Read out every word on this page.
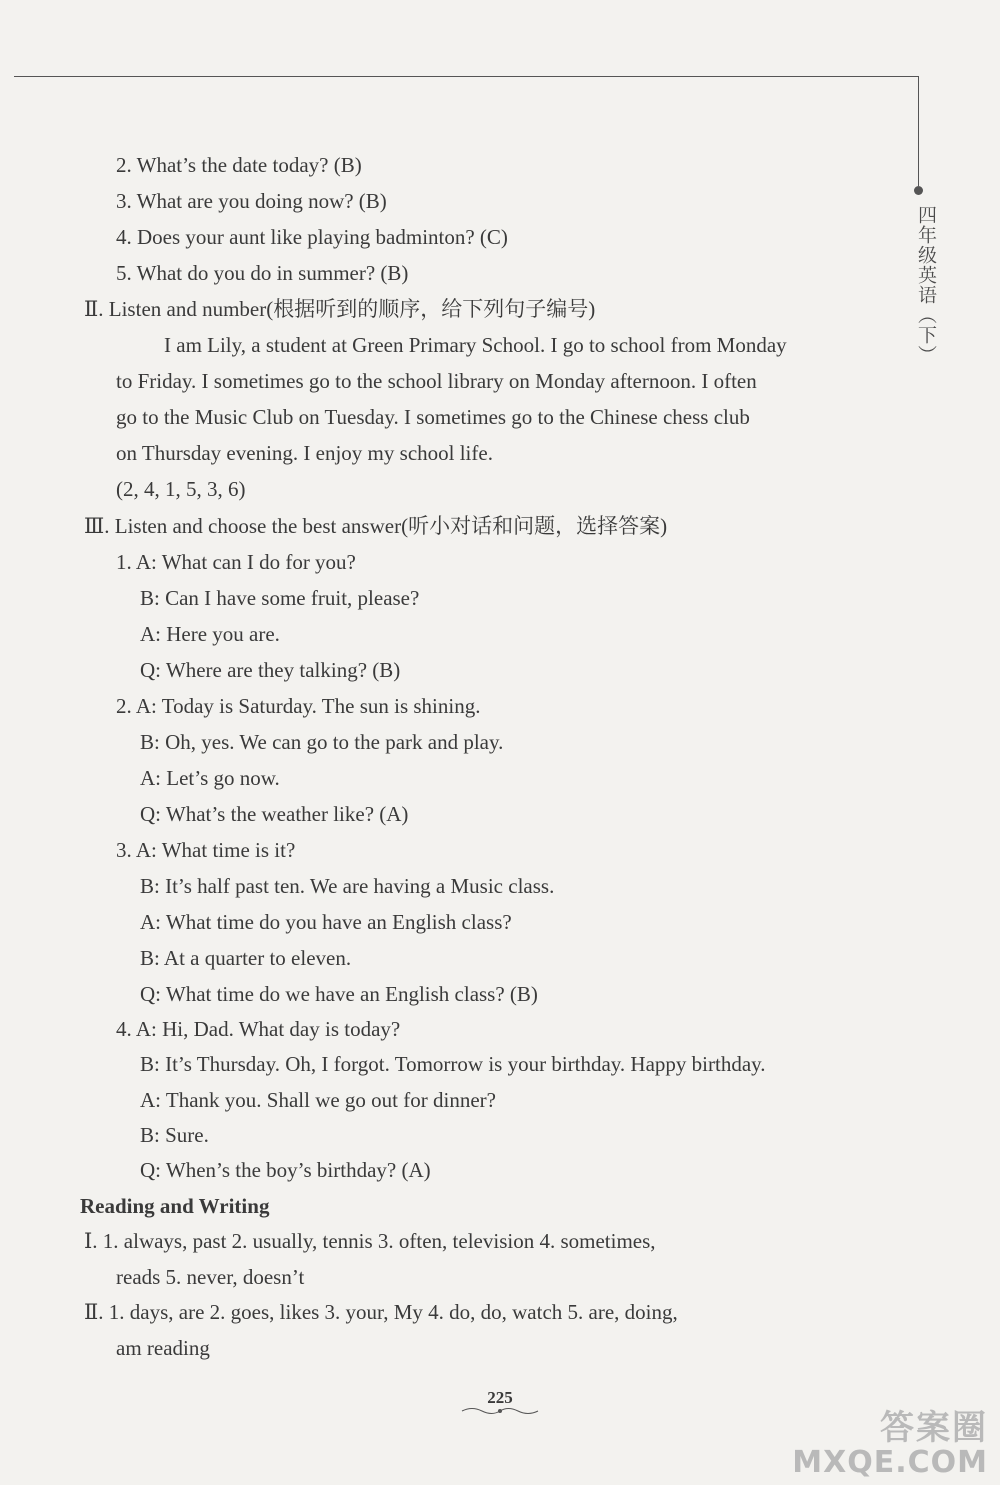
四年级英语（下）
2. What’s the date today? (B)
3. What are you doing now? (B)
4. Does your aunt like playing badminton? (C)
5. What do you do in summer? (B)
Ⅱ. Listen and number(根据听到的顺序，给下列句子编号)
I am Lily, a student at Green Primary School. I go to school from Monday
to Friday. I sometimes go to the school library on Monday afternoon. I often
go to the Music Club on Tuesday. I sometimes go to the Chinese chess club
on Thursday evening. I enjoy my school life.
(2, 4, 1, 5, 3, 6)
Ⅲ. Listen and choose the best answer(听小对话和问题，选择答案)
1. A: What can I do for you?
B: Can I have some fruit, please?
A: Here you are.
Q: Where are they talking? (B)
2. A: Today is Saturday. The sun is shining.
B: Oh, yes. We can go to the park and play.
A: Let’s go now.
Q: What’s the weather like? (A)
3. A: What time is it?
B: It’s half past ten. We are having a Music class.
A: What time do you have an English class?
B: At a quarter to eleven.
Q: What time do we have an English class? (B)
4. A: Hi, Dad. What day is today?
B: It’s Thursday. Oh, I forgot. Tomorrow is your birthday. Happy birthday.
A: Thank you. Shall we go out for dinner?
B: Sure.
Q: When’s the boy’s birthday? (A)
Reading and Writing
Ⅰ. 1. always, past 2. usually, tennis 3. often, television 4. sometimes,
reads 5. never, doesn’t
Ⅱ. 1. days, are 2. goes, likes 3. your, My 4. do, do, watch 5. are, doing,
am reading
225
答案圈
MXQE.COM
